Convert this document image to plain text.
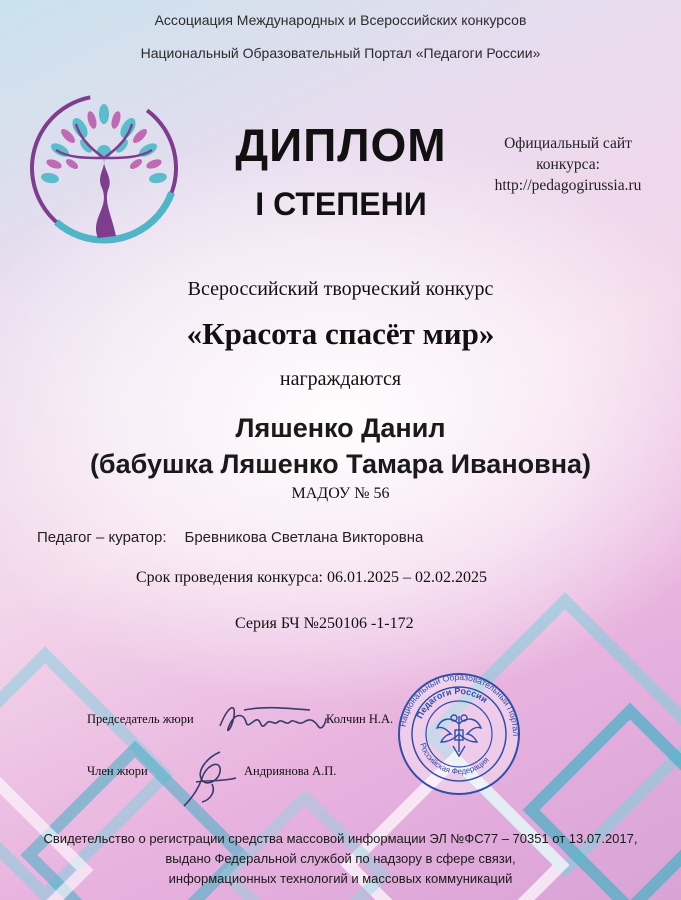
Ассоциация Международных и Всероссийских конкурсов
Национальный Образовательный Портал «Педагоги России»
ДИПЛОМ
I СТЕПЕНИ
Официальный сайт
конкурса:
http://pedagogirussia.ru
Всероссийский творческий конкурс
«Красота спасёт мир»
награждаются
Ляшенко Данил
(бабушка Ляшенко Тамара Ивановна)
МАДОУ № 56
Педагог – куратор: Бревникова Светлана Викторовна
Срок проведения конкурса: 06.01.2025 – 02.02.2025
Серия БЧ №250106 -1-172
Председатель жюри	Колчин Н.А.
Член жюри	Андриянова А.П.
Национальный Образовательный Портал
Педагоги России
Российская Федерация
Свидетельство о регистрации средства массовой информации ЭЛ №ФС77 – 70351 от 13.07.2017,
выдано Федеральной службой по надзору в сфере связи,
информационных технологий и массовых коммуникаций
